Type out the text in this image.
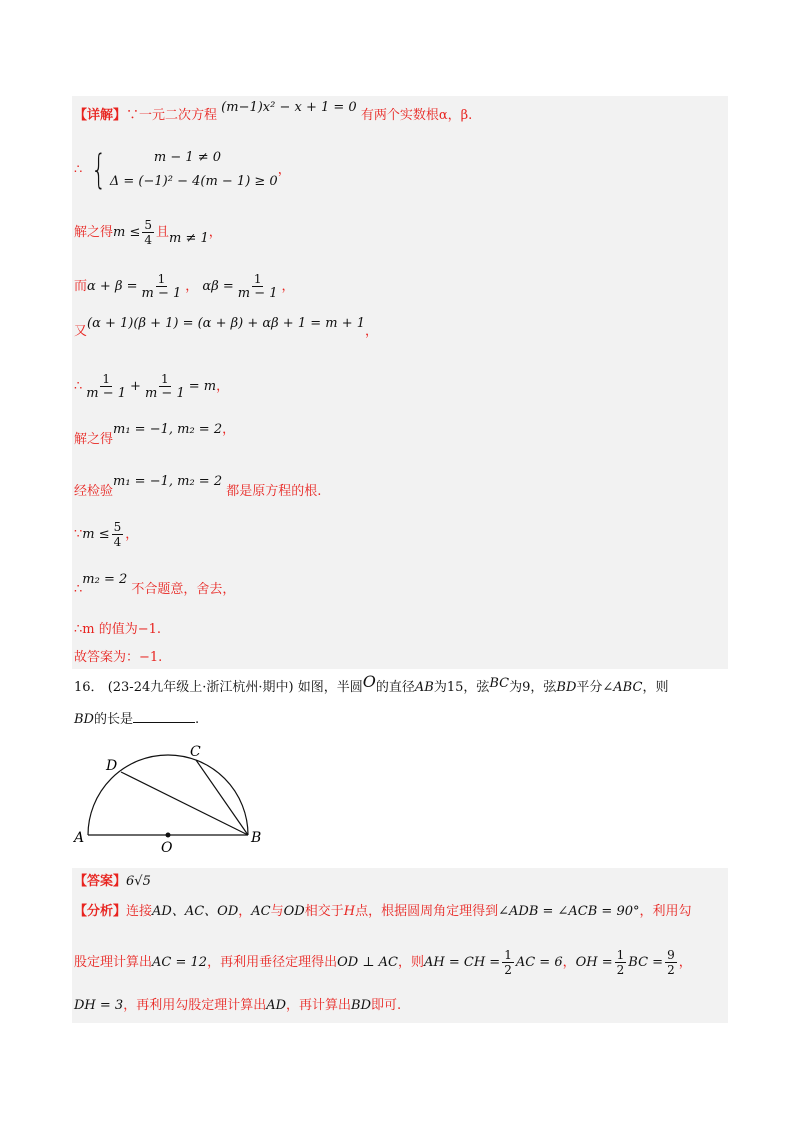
【详解】∵一元二次方程 (m−1)x² − x + 1 = 0 有两个实数根α，β.
∴ {	m − 1 ≠ 0
Δ = (−1)² − 4(m − 1) ≥ 0
，
解之得$m \le \frac{5}{4}$ 且m ≠ 1，
而$\alpha + \beta = \frac{1}{m - 1}$ ， $\alpha\beta = \frac{1}{m - 1}$ ，
又(α + 1)(β + 1) = (α + β) + αβ + 1 = m + 1，
∴ $\frac{1}{m - 1} + \frac{1}{m - 1} = m$，
解之得m₁ = −1, m₂ = 2，
经检验m₁ = −1, m₂ = 2 都是原方程的根.
∵m ≤ $\frac{5}{4}$ ，
∴m₂ = 2 不合题意，舍去，
∴m 的值为−1.
故答案为：−1.
16． (23-24九年级上·浙江杭州·期中) 如图，半圆O的直径AB为15，弦BC为9，弦BD平分∠ABC，则
BD的长是	.
A	B
C
D
O
【答案】6√5
【分析】连接AD、AC、OD，AC与OD相交于H点，根据圆周角定理得到∠ADB = ∠ACB = 90°，利用勾
股定理计算出AC = 12，再利用垂径定理得出OD ⊥ AC，则AH = CH = $\frac{1}{2}$ AC = 6，OH = $\frac{1}{2}$ BC = $\frac{9}{2}$ ，
DH = 3，再利用勾股定理计算出AD，再计算出BD即可.
